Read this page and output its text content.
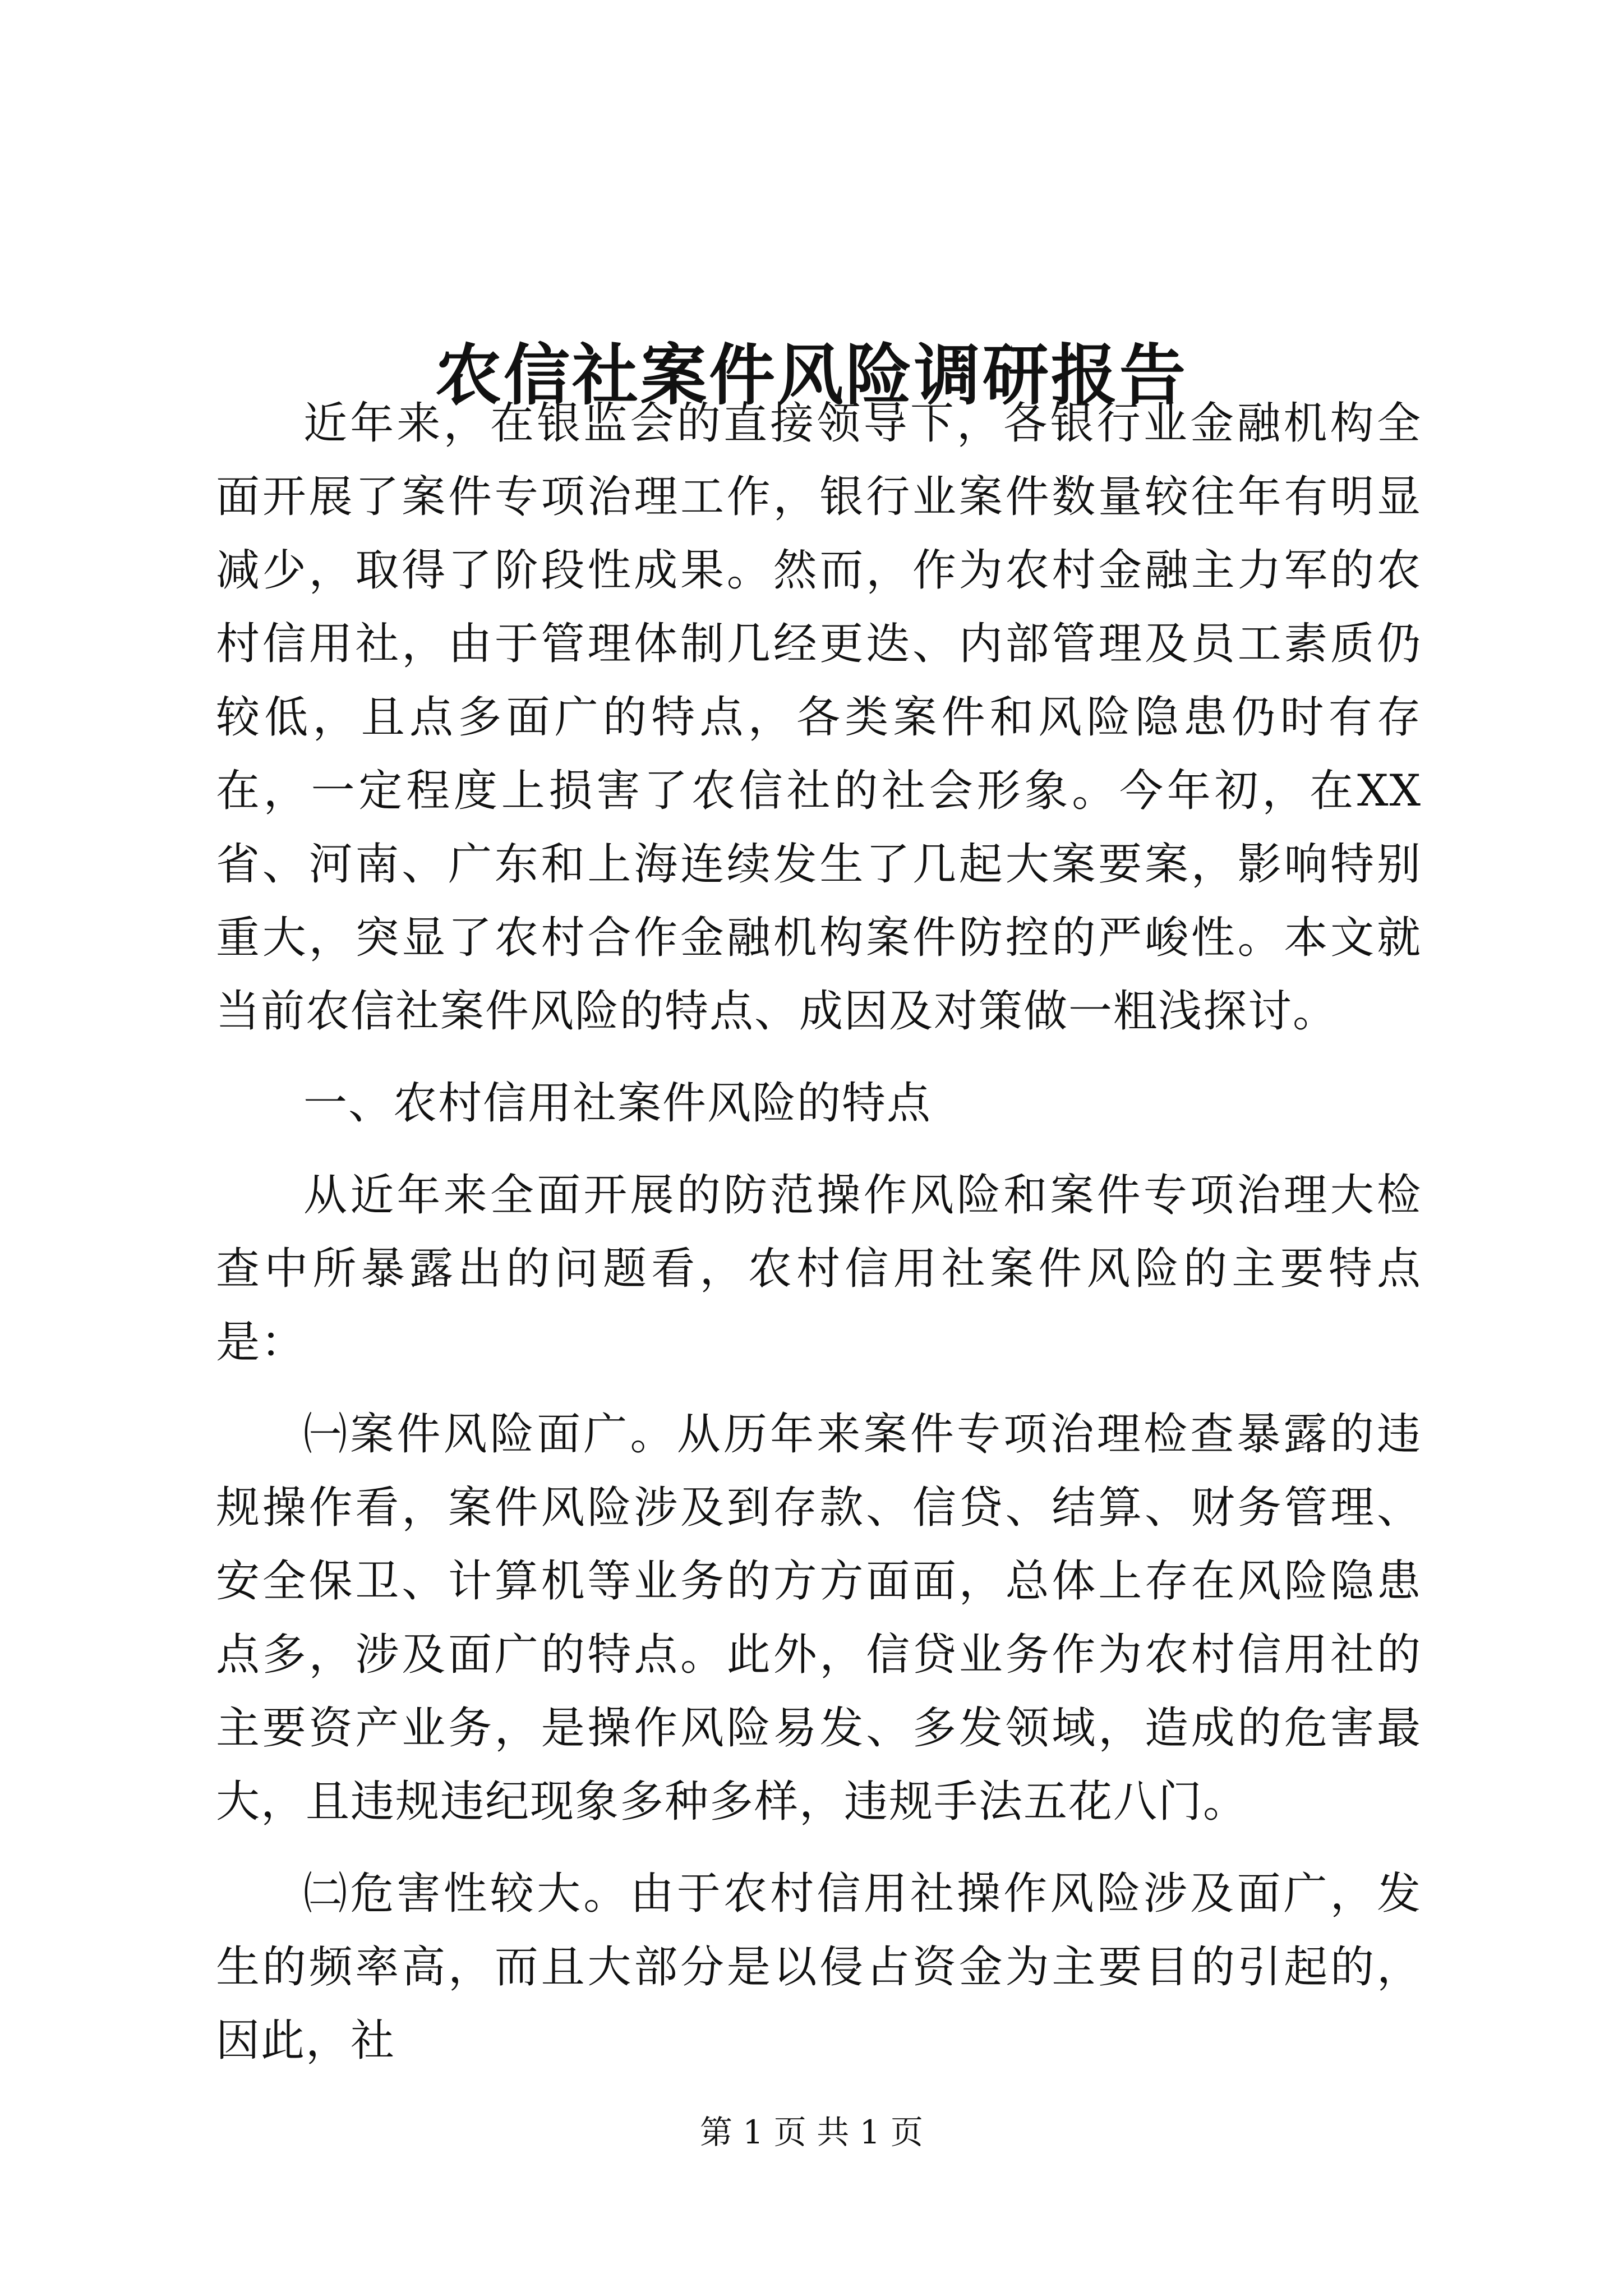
农信社案件风险调研报告

近年来，在银监会的直接领导下，各银行业金融机构全面开展了案件专项治理工作，银行业案件数量较往年有明显减少，取得了阶段性成果。然而，作为农村金融主力军的农村信用社，由于管理体制几经更迭、内部管理及员工素质仍较低，且点多面广的特点，各类案件和风险隐患仍时有存在，一定程度上损害了农信社的社会形象。今年初，在XX省、河南、广东和上海连续发生了几起大案要案，影响特别重大，突显了农村合作金融机构案件防控的严峻性。本文就当前农信社案件风险的特点、成因及对策做一粗浅探讨。

一、农村信用社案件风险的特点

从近年来全面开展的防范操作风险和案件专项治理大检查中所暴露出的问题看，农村信用社案件风险的主要特点是：

㈠案件风险面广。从历年来案件专项治理检查暴露的违规操作看，案件风险涉及到存款、信贷、结算、财务管理、安全保卫、计算机等业务的方方面面，总体上存在风险隐患点多，涉及面广的特点。此外，信贷业务作为农村信用社的主要资产业务，是操作风险易发、多发领域，造成的危害最大，且违规违纪现象多种多样，违规手法五花八门。

㈡危害性较大。由于农村信用社操作风险涉及面广，发生的频率高，而且大部分是以侵占资金为主要目的引起的，因此，社

第 1 页 共 1 页
